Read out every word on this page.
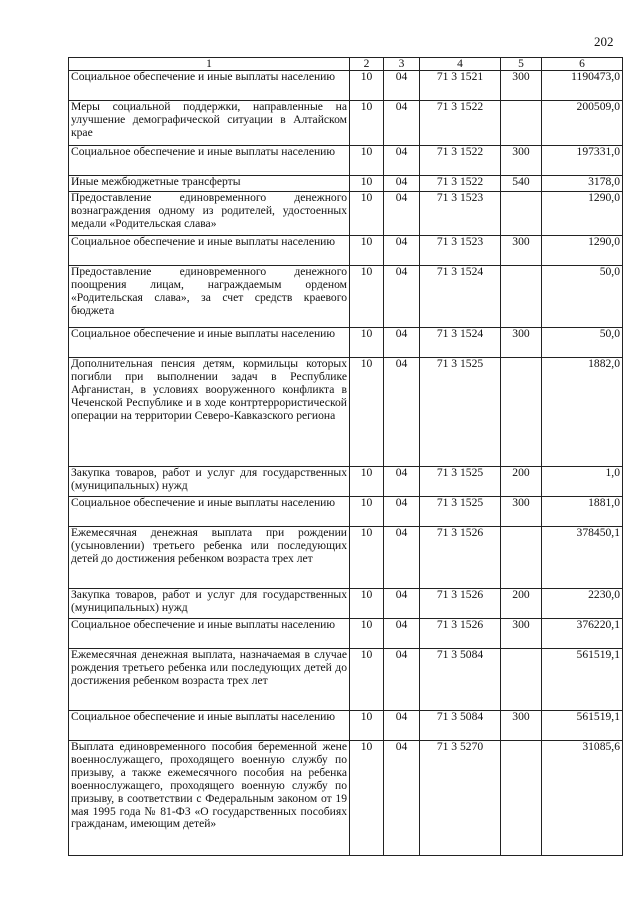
202
1	2	3	4	5	6
Социальное обеспечение и иные выплаты населению	10	04	71 3 1521	300	1190473,0
Меры социальной поддержки, направленные на улучшение демографической ситуации в Алтайском крае	10	04	71 3 1522		200509,0
Социальное обеспечение и иные выплаты населению	10	04	71 3 1522	300	197331,0
Иные межбюджетные трансферты	10	04	71 3 1522	540	3178,0
Предоставление единовременного денежного вознаграждения одному из родителей, удостоенных медали «Родительская слава»	10	04	71 3 1523		1290,0
Социальное обеспечение и иные выплаты населению	10	04	71 3 1523	300	1290,0
Предоставление единовременного денежного поощрения лицам, награждаемым орденом «Родительская слава», за счет средств краевого бюджета	10	04	71 3 1524		50,0
Социальное обеспечение и иные выплаты населению	10	04	71 3 1524	300	50,0
Дополнительная пенсия детям, кормильцы которых погибли при выполнении задач в Республике Афганистан, в условиях вооруженного конфликта в Чеченской Республике и в ходе контртеррористической операции на территории Северо-Кавказского региона	10	04	71 3 1525		1882,0
Закупка товаров, работ и услуг для государственных (муниципальных) нужд	10	04	71 3 1525	200	1,0
Социальное обеспечение и иные выплаты населению	10	04	71 3 1525	300	1881,0
Ежемесячная денежная выплата при рождении (усыновлении) третьего ребенка или последующих детей до достижения ребенком возраста трех лет	10	04	71 3 1526		378450,1
Закупка товаров, работ и услуг для государственных (муниципальных) нужд	10	04	71 3 1526	200	2230,0
Социальное обеспечение и иные выплаты населению	10	04	71 3 1526	300	376220,1
Ежемесячная денежная выплата, назначаемая в случае рождения третьего ребенка или последующих детей до достижения ребенком возраста трех лет	10	04	71 3 5084		561519,1
Социальное обеспечение и иные выплаты населению	10	04	71 3 5084	300	561519,1
Выплата единовременного пособия беременной жене военнослужащего, проходящего военную службу по призыву, а также ежемесячного пособия на ребенка военнослужащего, проходящего военную службу по призыву, в соответствии с Федеральным законом от 19 мая 1995 года № 81-ФЗ «О государственных пособиях гражданам, имеющим детей»	10	04	71 3 5270		31085,6
